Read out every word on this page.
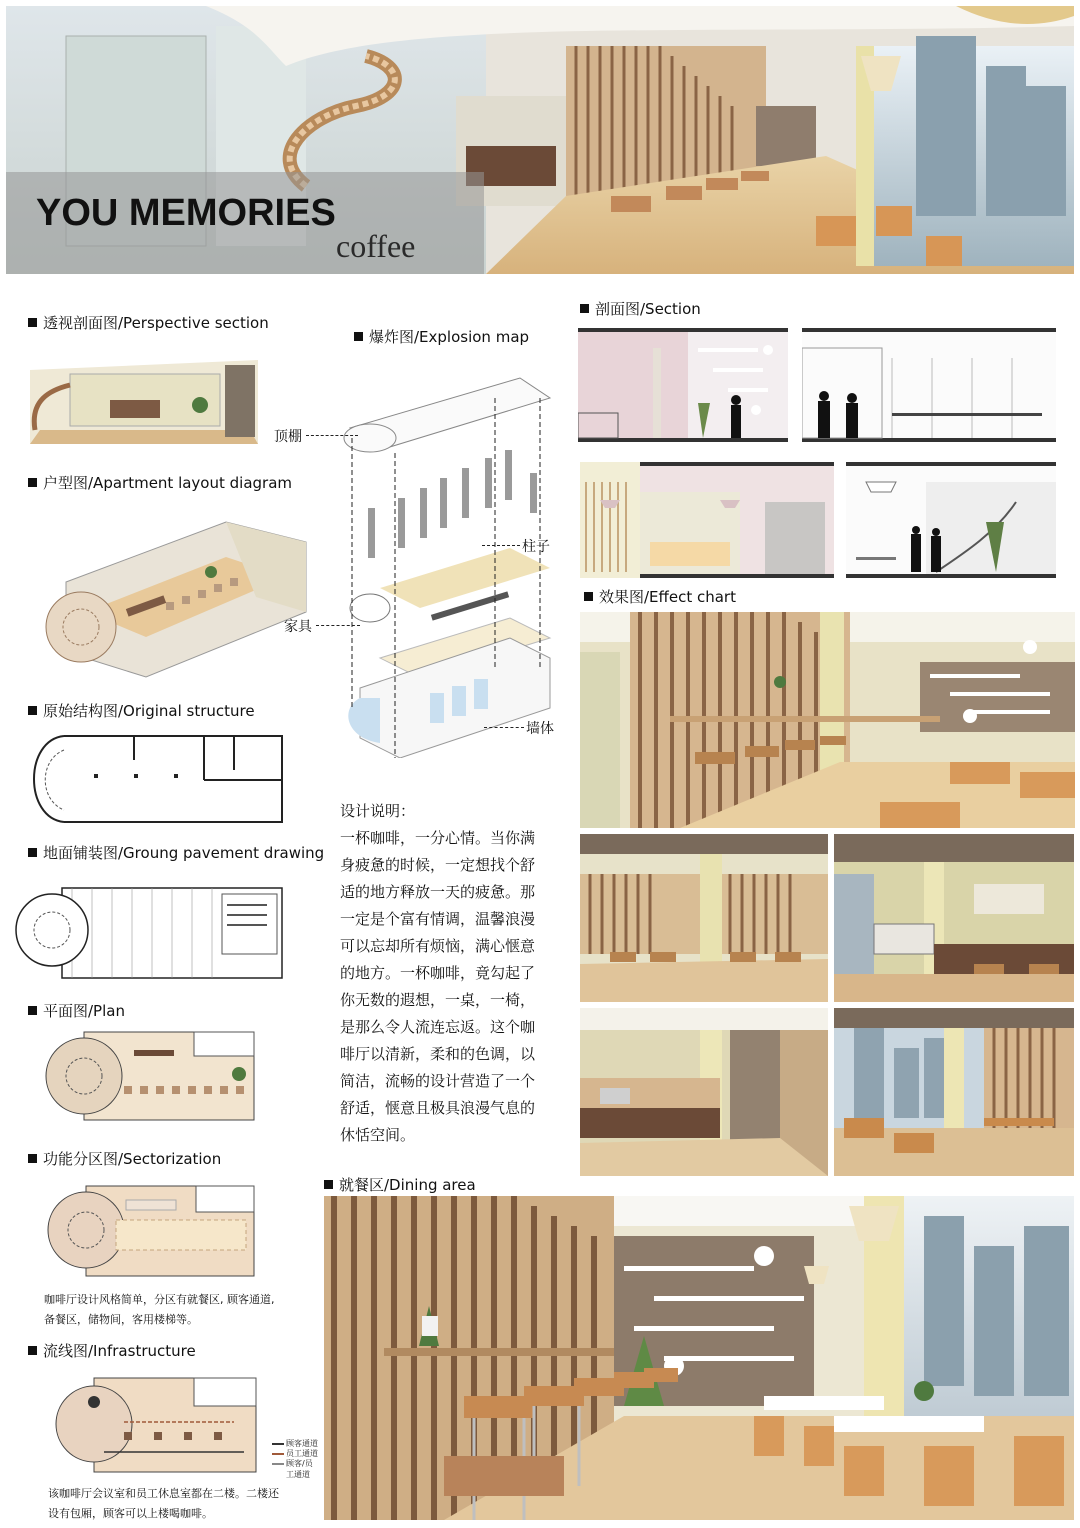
YOU MEMORIES
coffee
透视剖面图/Perspective section
户型图/Apartment layout diagram
原始结构图/Original structure
地面铺装图/Groung pavement drawing
平面图/Plan
功能分区图/Sectorization
咖啡厅设计风格简单，分区有就餐区, 顾客通道,
备餐区，储物间，客用楼梯等。
流线图/Infrastructure
顾客通道
员工通道
顾客/员
工通道
该咖啡厅会议室和员工休息室都在二楼。二楼还
设有包厢，顾客可以上楼喝咖啡。
爆炸图/Explosion map
顶棚
柱子
家具
墙体
设计说明：
一杯咖啡，一分心情。当你满
身疲惫的时候，一定想找个舒
适的地方释放一天的疲惫。那
一定是个富有情调，温馨浪漫
可以忘却所有烦恼，满心惬意
的地方。一杯咖啡，竟勾起了
你无数的遐想，一桌，一椅，
是那么令人流连忘返。这个咖
啡厅以清新，柔和的色调，以
简洁，流畅的设计营造了一个
舒适，惬意且极具浪漫气息的
休恬空间。
剖面图/Section
效果图/Effect chart
就餐区/Dining area
